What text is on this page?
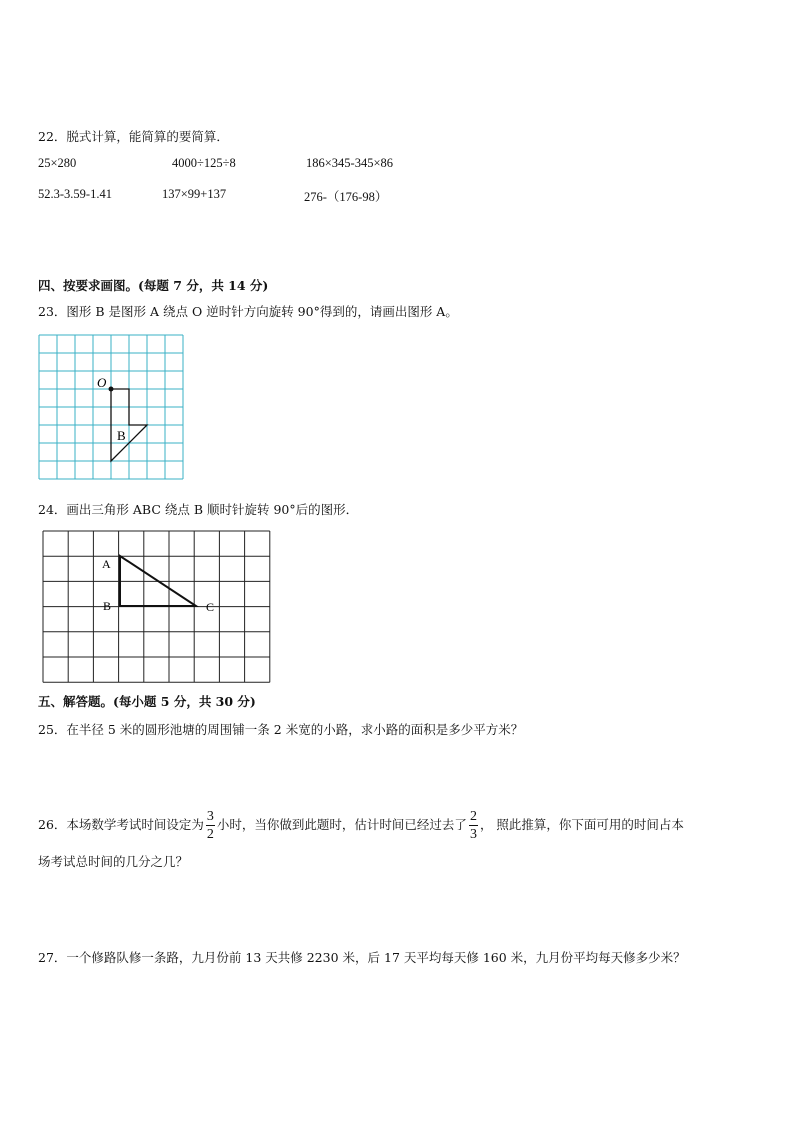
22．脱式计算，能简算的要简算．
25×280	4000÷125÷8	186×345-345×86
52.3-3.59-1.41	137×99+137	276-（176-98）
四、按要求画图。(每题 7 分，共 14 分)
23．图形 B 是图形 A 绕点 O 逆时针方向旋转 90°得到的，请画出图形 A。
O
B
24．画出三角形 ABC 绕点 B 顺时针旋转 90°后的图形．
A
B	C
五、解答题。(每小题 5 分，共 30 分)
25．在半径 5 米的圆形池塘的周围铺一条 2 米宽的小路，求小路的面积是多少平方米？
26．本场数学考试时间设定为 $\frac{3}{2}$ 小时，当你做到此题时，估计时间已经过去了 $\frac{2}{3}$ ， 照此推算，你下面可用的时间占本
场考试总时间的几分之几？
27．一个修路队修一条路，九月份前 13 天共修 2230 米，后 17 天平均每天修 160 米，九月份平均每天修多少米？
